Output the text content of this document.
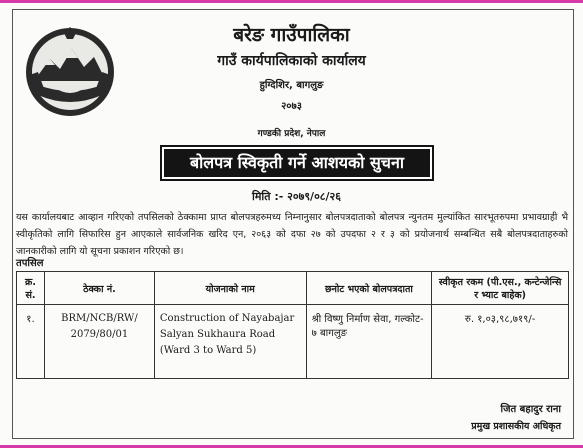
बरेङ गाउँपालिका
गाउँ कार्यपालिकाको कार्यालय
हुग्दिशिर, बागलुङ
२०७३
गण्डकी प्रदेश, नेपाल
बोलपत्र स्विकृती गर्ने आशयको सुचना
मिति :- २०७९/०८/२६
यस कार्यालयबाट आव्हान गरिएको तपसिलको ठेक्कामा प्राप्त बोलपत्रहरुमध्य निम्नानुसार बोलपत्रदाताको बोलपत्र न्युनतम मुल्यांकित सारभूतरुपमा प्रभावग्राही भै स्वीकृतिको लागि सिफारिस हुन आएकाले सार्वजनिक खरिद एन, २०६३ को दफा २७ को उपदफा २ र ३ को प्रयोजनार्थ सम्बन्धित सबै बोलपत्रदाताहरुको जानकारीको लागि यो सूचना प्रकाशन गरिएको छ।
तपसिल
क्र. सं.	ठेक्का नं.	योजनाको नाम	छनोट भएको बोलपत्रदाता	स्वीकृत रकम (पी.एस., कन्टेन्जेन्सि र भ्याट बाहेक)
१.	BRM/NCB/RW/ 2079/80/01	Construction of Nayabajar Salyan Sukhaura Road (Ward 3 to Ward 5)	श्री विष्णु निर्माण सेवा, गल्कोट- ७ बागलुङ	रु. १,०३,९८,७१९/-
जित बहादुर राना
प्रमुख प्रशासकीय अधिकृत
